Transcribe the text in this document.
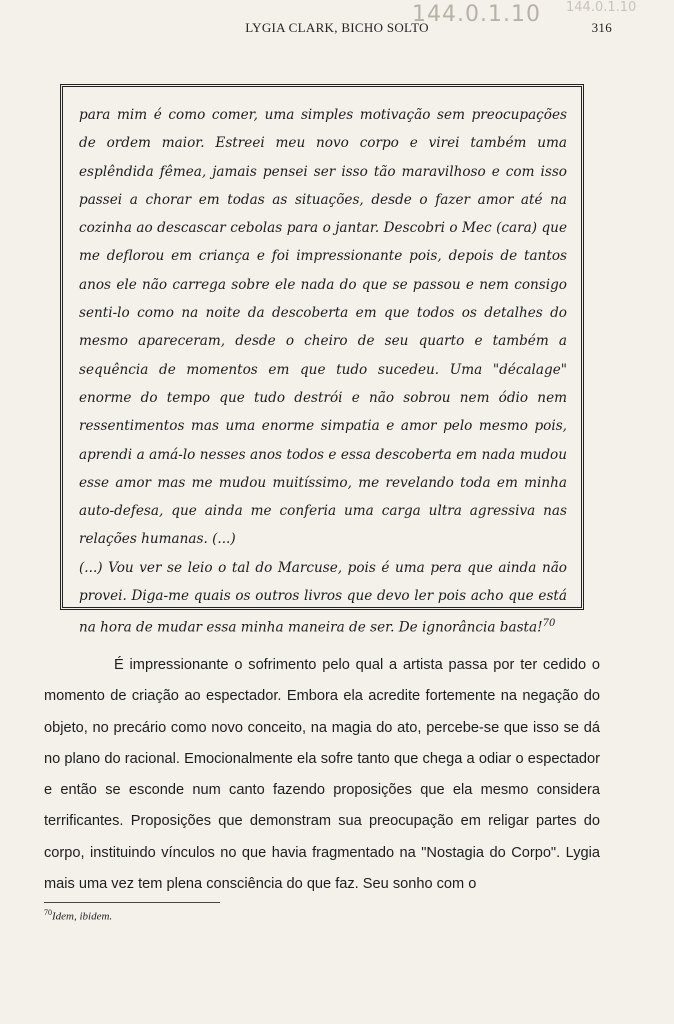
144.0.1.10 144.0.1.10
LYGIA CLARK, BICHO SOLTO	316

para mim é como comer, uma simples motivação sem preocupações de ordem maior. Estreei meu novo corpo e virei também uma esplêndida fêmea, jamais pensei ser isso tão maravilhoso e com isso passei a chorar em todas as situações, desde o fazer amor até na cozinha ao descascar cebolas para o jantar. Descobri o Mec (cara) que me deflorou em criança e foi impressionante pois, depois de tantos anos ele não carrega sobre ele nada do que se passou e nem consigo senti-lo como na noite da descoberta em que todos os detalhes do mesmo apareceram, desde o cheiro de seu quarto e também a sequência de momentos em que tudo sucedeu. Uma "décalage" enorme do tempo que tudo destrói e não sobrou nem ódio nem ressentimentos mas uma enorme simpatia e amor pelo mesmo pois, aprendi a amá-lo nesses anos todos e essa descoberta em nada mudou esse amor mas me mudou muitíssimo, me revelando toda em minha auto-defesa, que ainda me conferia uma carga ultra agressiva nas relações humanas. (...)

(...) Vou ver se leio o tal do Marcuse, pois é uma pera que ainda não provei. Diga-me quais os outros livros que devo ler pois acho que está na hora de mudar essa minha maneira de ser. De ignorância basta!$^{70}$

É impressionante o sofrimento pelo qual a artista passa por ter cedido o momento de criação ao espectador. Embora ela acredite fortemente na negação do objeto, no precário como novo conceito, na magia do ato, percebe-se que isso se dá no plano do racional. Emocionalmente ela sofre tanto que chega a odiar o espectador e então se esconde num canto fazendo proposições que ela mesmo considera terrificantes. Proposições que demonstram sua preocupação em religar partes do corpo, instituindo vínculos no que havia fragmentado na "Nostagia do Corpo". Lygia mais uma vez tem plena consciência do que faz. Seu sonho com o

$^{70}$Idem, ibidem.
